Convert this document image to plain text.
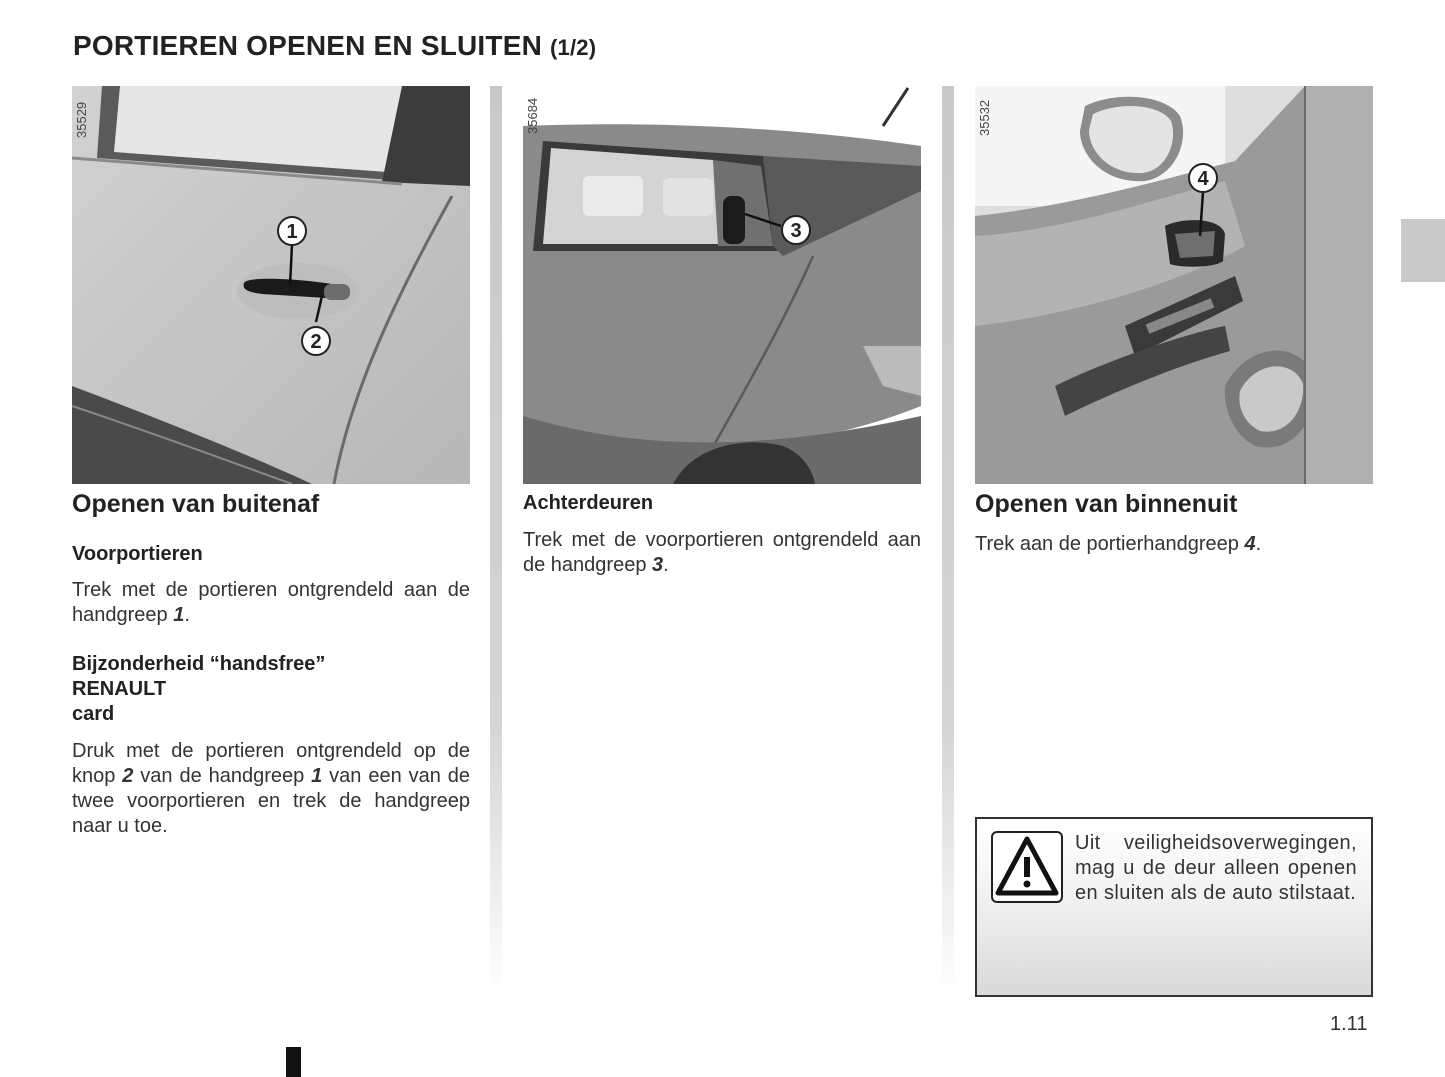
PORTIEREN OPENEN EN SLUITEN (1/2)
1
2
35529
Openen van buitenaf
Voorportieren

Trek met de portieren ontgrendeld aan de handgreep 1.

Bijzonderheid “handsfree”
RENAULT
card

Druk met de portieren ontgrendeld op de knop 2 van de handgreep 1 van een van de twee voorportieren en trek de handgreep naar u toe.

3
35684
Achterdeuren

Trek met de voorportieren ontgrendeld aan de handgreep 3.

4
35532
Openen van binnenuit

Trek aan de portierhandgreep 4.

Uit veiligheidsoverwegingen, mag u de deur alleen openen en sluiten als de auto stilstaat.
1.11
